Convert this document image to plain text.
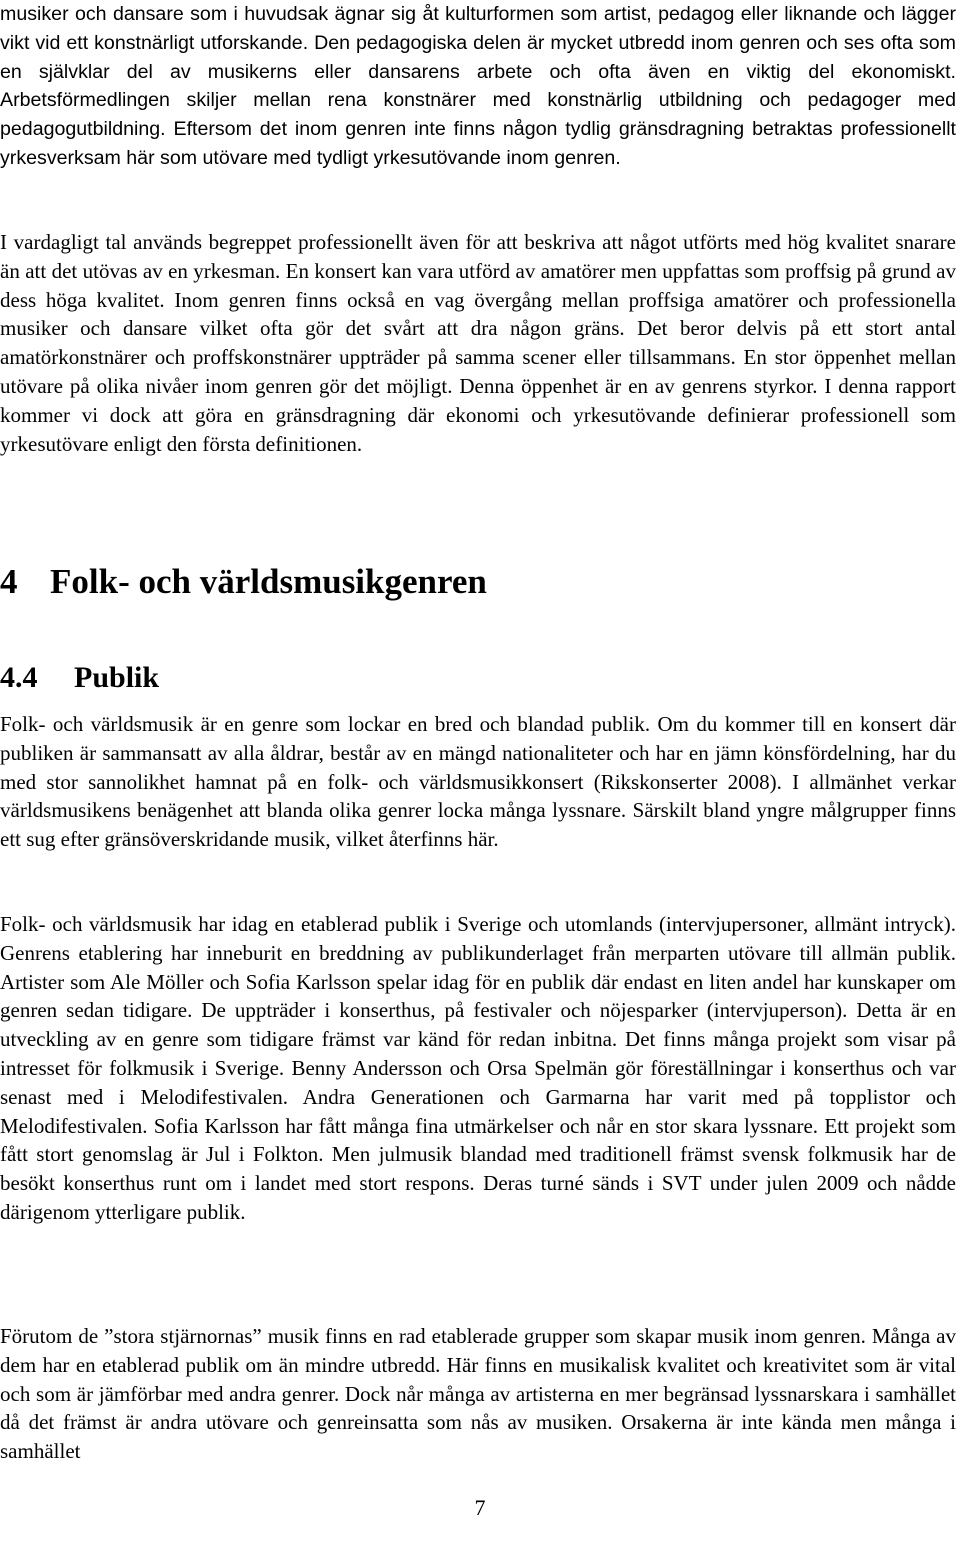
musiker och dansare som i huvudsak ägnar sig åt kulturformen som artist, pedagog eller liknande och lägger vikt vid ett konstnärligt utforskande. Den pedagogiska delen är mycket utbredd inom genren och ses ofta som en självklar del av musikerns eller dansarens arbete och ofta även en viktig del ekonomiskt. Arbetsförmedlingen skiljer mellan rena konstnärer med konstnärlig utbildning och pedagoger med pedagogutbildning. Eftersom det inom genren inte finns någon tydlig gränsdragning betraktas professionellt yrkesverksam här som utövare med tydligt yrkesutövande inom genren.

I vardagligt tal används begreppet professionellt även för att beskriva att något utförts med hög kvalitet snarare än att det utövas av en yrkesman. En konsert kan vara utförd av amatörer men uppfattas som proffsig på grund av dess höga kvalitet. Inom genren finns också en vag övergång mellan proffsiga amatörer och professionella musiker och dansare vilket ofta gör det svårt att dra någon gräns. Det beror delvis på ett stort antal amatörkonstnärer och proffskonstnärer uppträder på samma scener eller tillsammans. En stor öppenhet mellan utövare på olika nivåer inom genren gör det möjligt. Denna öppenhet är en av genrens styrkor. I denna rapport kommer vi dock att göra en gränsdragning där ekonomi och yrkesutövande definierar professionell som yrkesutövare enligt den första definitionen.

4 Folk- och världsmusikgenren
4.4 Publik

Folk- och världsmusik är en genre som lockar en bred och blandad publik. Om du kommer till en konsert där publiken är sammansatt av alla åldrar, består av en mängd nationaliteter och har en jämn könsfördelning, har du med stor sannolikhet hamnat på en folk- och världsmusikkonsert (Rikskonserter 2008). I allmänhet verkar världsmusikens benägenhet att blanda olika genrer locka många lyssnare. Särskilt bland yngre målgrupper finns ett sug efter gränsöverskridande musik, vilket återfinns här.

Folk- och världsmusik har idag en etablerad publik i Sverige och utomlands (intervjupersoner, allmänt intryck). Genrens etablering har inneburit en breddning av publikunderlaget från merparten utövare till allmän publik. Artister som Ale Möller och Sofia Karlsson spelar idag för en publik där endast en liten andel har kunskaper om genren sedan tidigare. De uppträder i konserthus, på festivaler och nöjesparker (intervjuperson). Detta är en utveckling av en genre som tidigare främst var känd för redan inbitna. Det finns många projekt som visar på intresset för folkmusik i Sverige. Benny Andersson och Orsa Spelmän gör föreställningar i konserthus och var senast med i Melodifestivalen. Andra Generationen och Garmarna har varit med på topplistor och Melodifestivalen. Sofia Karlsson har fått många fina utmärkelser och når en stor skara lyssnare. Ett projekt som fått stort genomslag är Jul i Folkton. Men julmusik blandad med traditionell främst svensk folkmusik har de besökt konserthus runt om i landet med stort respons. Deras turné sänds i SVT under julen 2009 och nådde därigenom ytterligare publik.

Förutom de ”stora stjärnornas” musik finns en rad etablerade grupper som skapar musik inom genren. Många av dem har en etablerad publik om än mindre utbredd. Här finns en musikalisk kvalitet och kreativitet som är vital och som är jämförbar med andra genrer. Dock når många av artisterna en mer begränsad lyssnarskara i samhället då det främst är andra utövare och genreinsatta som nås av musiken. Orsakerna är inte kända men många i samhället

7
